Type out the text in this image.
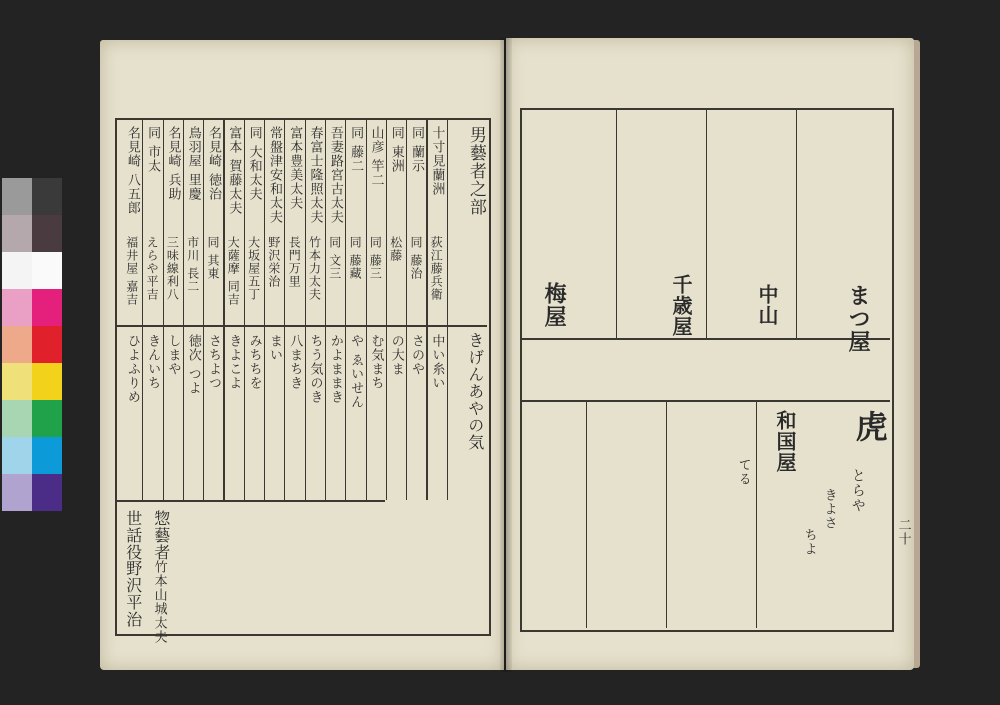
男藝者之部
きげんあやの気
十寸見蘭洲
荻江藤兵衛
中い糸い
同 蘭示
同 藤治
さのや
同 東洲
松藤
の大ま
山彦 竿二
同 藤三
む気まち
同 藤二
同 藤藏
や ゑいせん
吾妻路宮古太夫
同 文三
かよままき
春富士隆照太夫
竹本力太夫
ちう気のき
富本豊美太夫
長門万里
八まちき
常盤津安和太夫
野沢栄治
まい
同 大和太夫
大坂屋五丁
みちちを
富本 賀藤太夫
大薩摩 同吉
きよこよ
名見崎 徳治
同 其東
さちよつ
鳥羽屋 里慶
市川 長二
徳次 つよ
名見崎 兵助
三味線利八
しまや
同 市太
えらや平吉
きんいち
名見崎 八五郎
福井屋 嘉吉
ひよふりめ
惣藝者
世話役
竹本山城太夫
野沢平治
まつ屋
中山
千歳屋
梅屋
虎
和国屋
とらや
きよさ
ちよ
てる
二十
